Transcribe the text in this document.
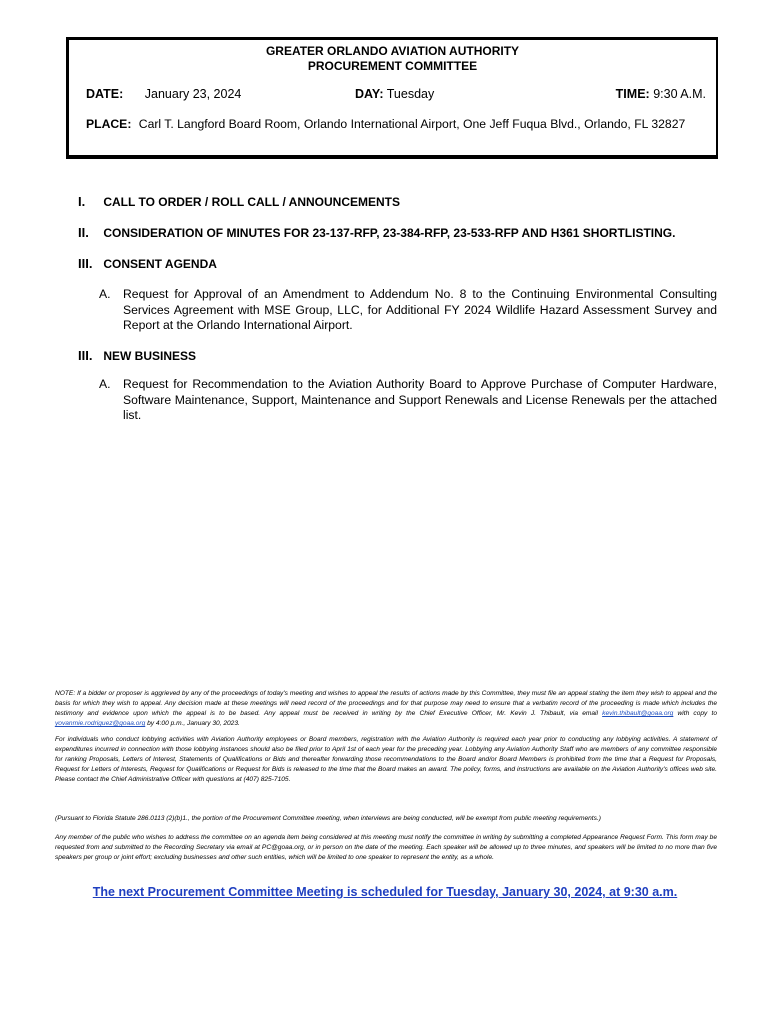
GREATER ORLANDO AVIATION AUTHORITY
PROCUREMENT COMMITTEE
DATE: January 23, 2024	DAY: Tuesday	TIME: 9:30 A.M.
PLACE: Carl T. Langford Board Room, Orlando International Airport, One Jeff Fuqua Blvd., Orlando, FL 32827
I. CALL TO ORDER / ROLL CALL / ANNOUNCEMENTS
II. CONSIDERATION OF MINUTES FOR 23-137-RFP, 23-384-RFP, 23-533-RFP AND H361 SHORTLISTING.
III. CONSENT AGENDA
A. Request for Approval of an Amendment to Addendum No. 8 to the Continuing Environmental Consulting Services Agreement with MSE Group, LLC, for Additional FY 2024 Wildlife Hazard Assessment Survey and Report at the Orlando International Airport.
III. NEW BUSINESS
A. Request for Recommendation to the Aviation Authority Board to Approve Purchase of Computer Hardware, Software Maintenance, Support, Maintenance and Support Renewals and License Renewals per the attached list.
NOTE: If a bidder or proposer is aggrieved by any of the proceedings of today's meeting and wishes to appeal the results of actions made by this Committee, they must file an appeal stating the item they wish to appeal and the basis for which they wish to appeal. Any decision made at these meetings will need record of the proceedings and for that purpose may need to ensure that a verbatim record of the proceeding is made which includes the testimony and evidence upon which the appeal is to be based. Any appeal must be received in writing by the Chief Executive Officer, Mr. Kevin J. Thibault, via email kevin.thibault@goaa.org with copy to yovanmie.rodriguez@goaa.org by 4:00 p.m., January 30, 2023.
For individuals who conduct lobbying activities with Aviation Authority employees or Board members, registration with the Aviation Authority is required each year prior to conducting any lobbying activities. A statement of expenditures incurred in connection with those lobbying instances should also be filed prior to April 1st of each year for the preceding year. Lobbying any Aviation Authority Staff who are members of any committee responsible for ranking Proposals, Letters of Interest, Statements of Qualifications or Bids and thereafter forwarding those recommendations to the Board and/or Board Members is prohibited from the time that a Request for Proposals, Request for Letters of Interests, Request for Qualifications or Request for Bids is released to the time that the Board makes an award. The policy, forms, and instructions are available on the Aviation Authority's offices web site. Please contact the Chief Administrative Officer with questions at (407) 825-7105.
(Pursuant to Florida Statute 286.0113 (2)(b)1., the portion of the Procurement Committee meeting, when interviews are being conducted, will be exempt from public meeting requirements.)
Any member of the public who wishes to address the committee on an agenda item being considered at this meeting must notify the committee in writing by submitting a completed Appearance Request Form. This form may be requested from and submitted to the Recording Secretary via email at PC@goaa.org, or in person on the date of the meeting. Each speaker will be allowed up to three minutes, and speakers will be limited to no more than five speakers per group or joint effort; excluding businesses and other such entities, which will be limited to one speaker to represent the entity, as a whole.
The next Procurement Committee Meeting is scheduled for Tuesday, January 30, 2024, at 9:30 a.m.
